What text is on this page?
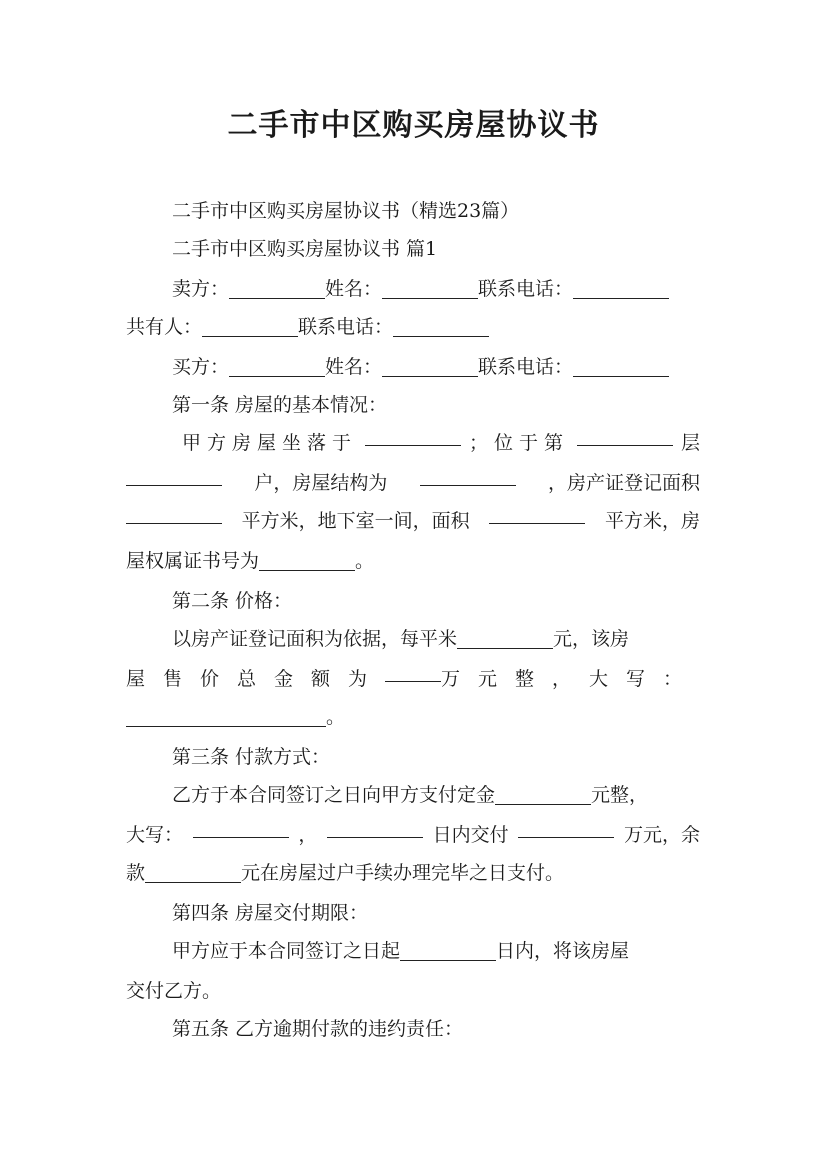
二手市中区购买房屋协议书
二手市中区购买房屋协议书（精选23篇）
二手市中区购买房屋协议书 篇1
卖方：	姓名：	联系电话：
共有人：	联系电话：
买方：	姓名：	联系电话：
第一条 房屋的基本情况：
甲方房屋坐落于	；位于第	层
户，房屋结构为	，房产证登记面积
平方米，地下室一间，面积	平方米，房
屋权属证书号为	。
第二条 价格：
以房产证登记面积为依据，每平米	元，该房
屋售价总金额为	万元整，大写：
。
第三条 付款方式：
乙方于本合同签订之日向甲方支付定金	元整，
大写：	，	日内交付	万元，余
款	元在房屋过户手续办理完毕之日支付。
第四条 房屋交付期限：
甲方应于本合同签订之日起	日内，将该房屋
交付乙方。
第五条 乙方逾期付款的违约责任：
